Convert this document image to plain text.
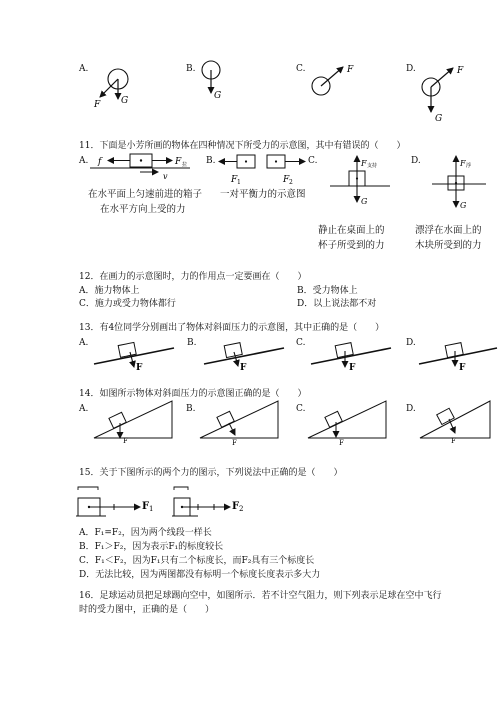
A.
F G
B.
G
C.	F	D.	F
G
11．下面是小芳所画的物体在四种情况下所受力的示意图，其中有错误的（　　）
A. f	F 拉
v
在水平面上匀速前进的箱子
在水平方向上受的力
B.
F 1	F 2
一对平衡力的示意图
C.	F 支持
G
静止在桌面上的
杯子所受到的力
D.	F 浮
G
漂浮在水面上的
木块所受到的力
12．在画力的示意图时，力的作用点一定要画在（　　）
A．施力物体上	B．受力物体上
C．施力或受力物体都行	D．以上说法都不对
13．有4位同学分别画出了物体对斜面压力的示意图，其中正确的是（　　）
A.
F
B.
F
C.
F
D.
F
14．如图所示物体对斜面压力的示意图正确的是（　　）
A.
F
B.
F
C.
F
D.
F
15．关于下图所示的两个力的图示，下列说法中正确的是（　　）
F 1	F 2
A．F₁=F₂，因为两个线段一样长
B．F₁＞F₂，因为表示F₁的标度较长
C．F₁＜F₂，因为F₁只有二个标度长，而F₂具有三个标度长
D．无法比较，因为两图都没有标明一个标度长度表示多大力
16．足球运动员把足球踢向空中，如图所示．若不计空气阻力，则下列表示足球在空中飞行
时的受力图中，正确的是（　　）
